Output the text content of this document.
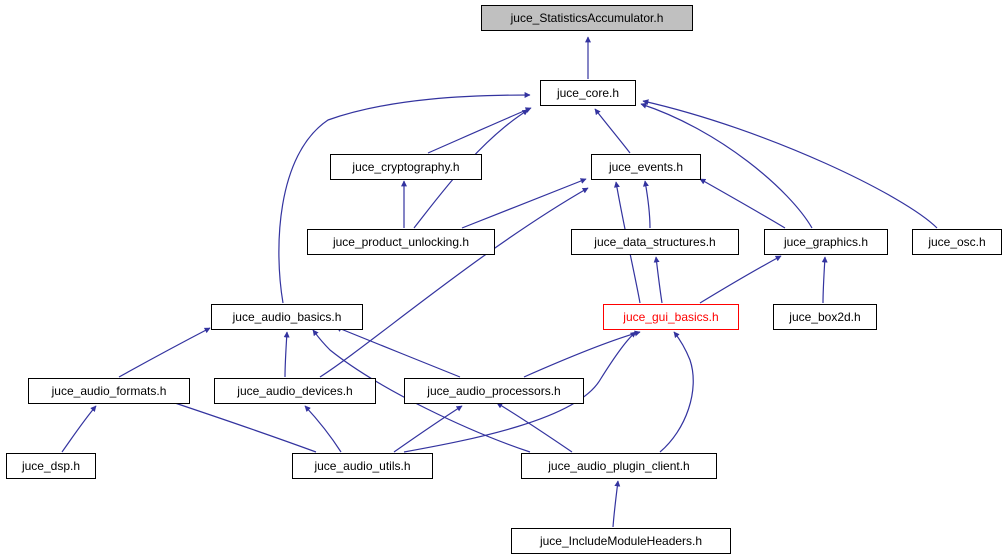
juce_StatisticsAccumulator.h
juce_core.h
juce_cryptography.h	juce_events.h
juce_product_unlocking.h	juce_data_structures.h	juce_graphics.h	juce_osc.h
juce_audio_basics.h	juce_gui_basics.h	juce_box2d.h
juce_audio_formats.h	juce_audio_devices.h	juce_audio_processors.h
juce_dsp.h	juce_audio_utils.h	juce_audio_plugin_client.h
juce_IncludeModuleHeaders.h
